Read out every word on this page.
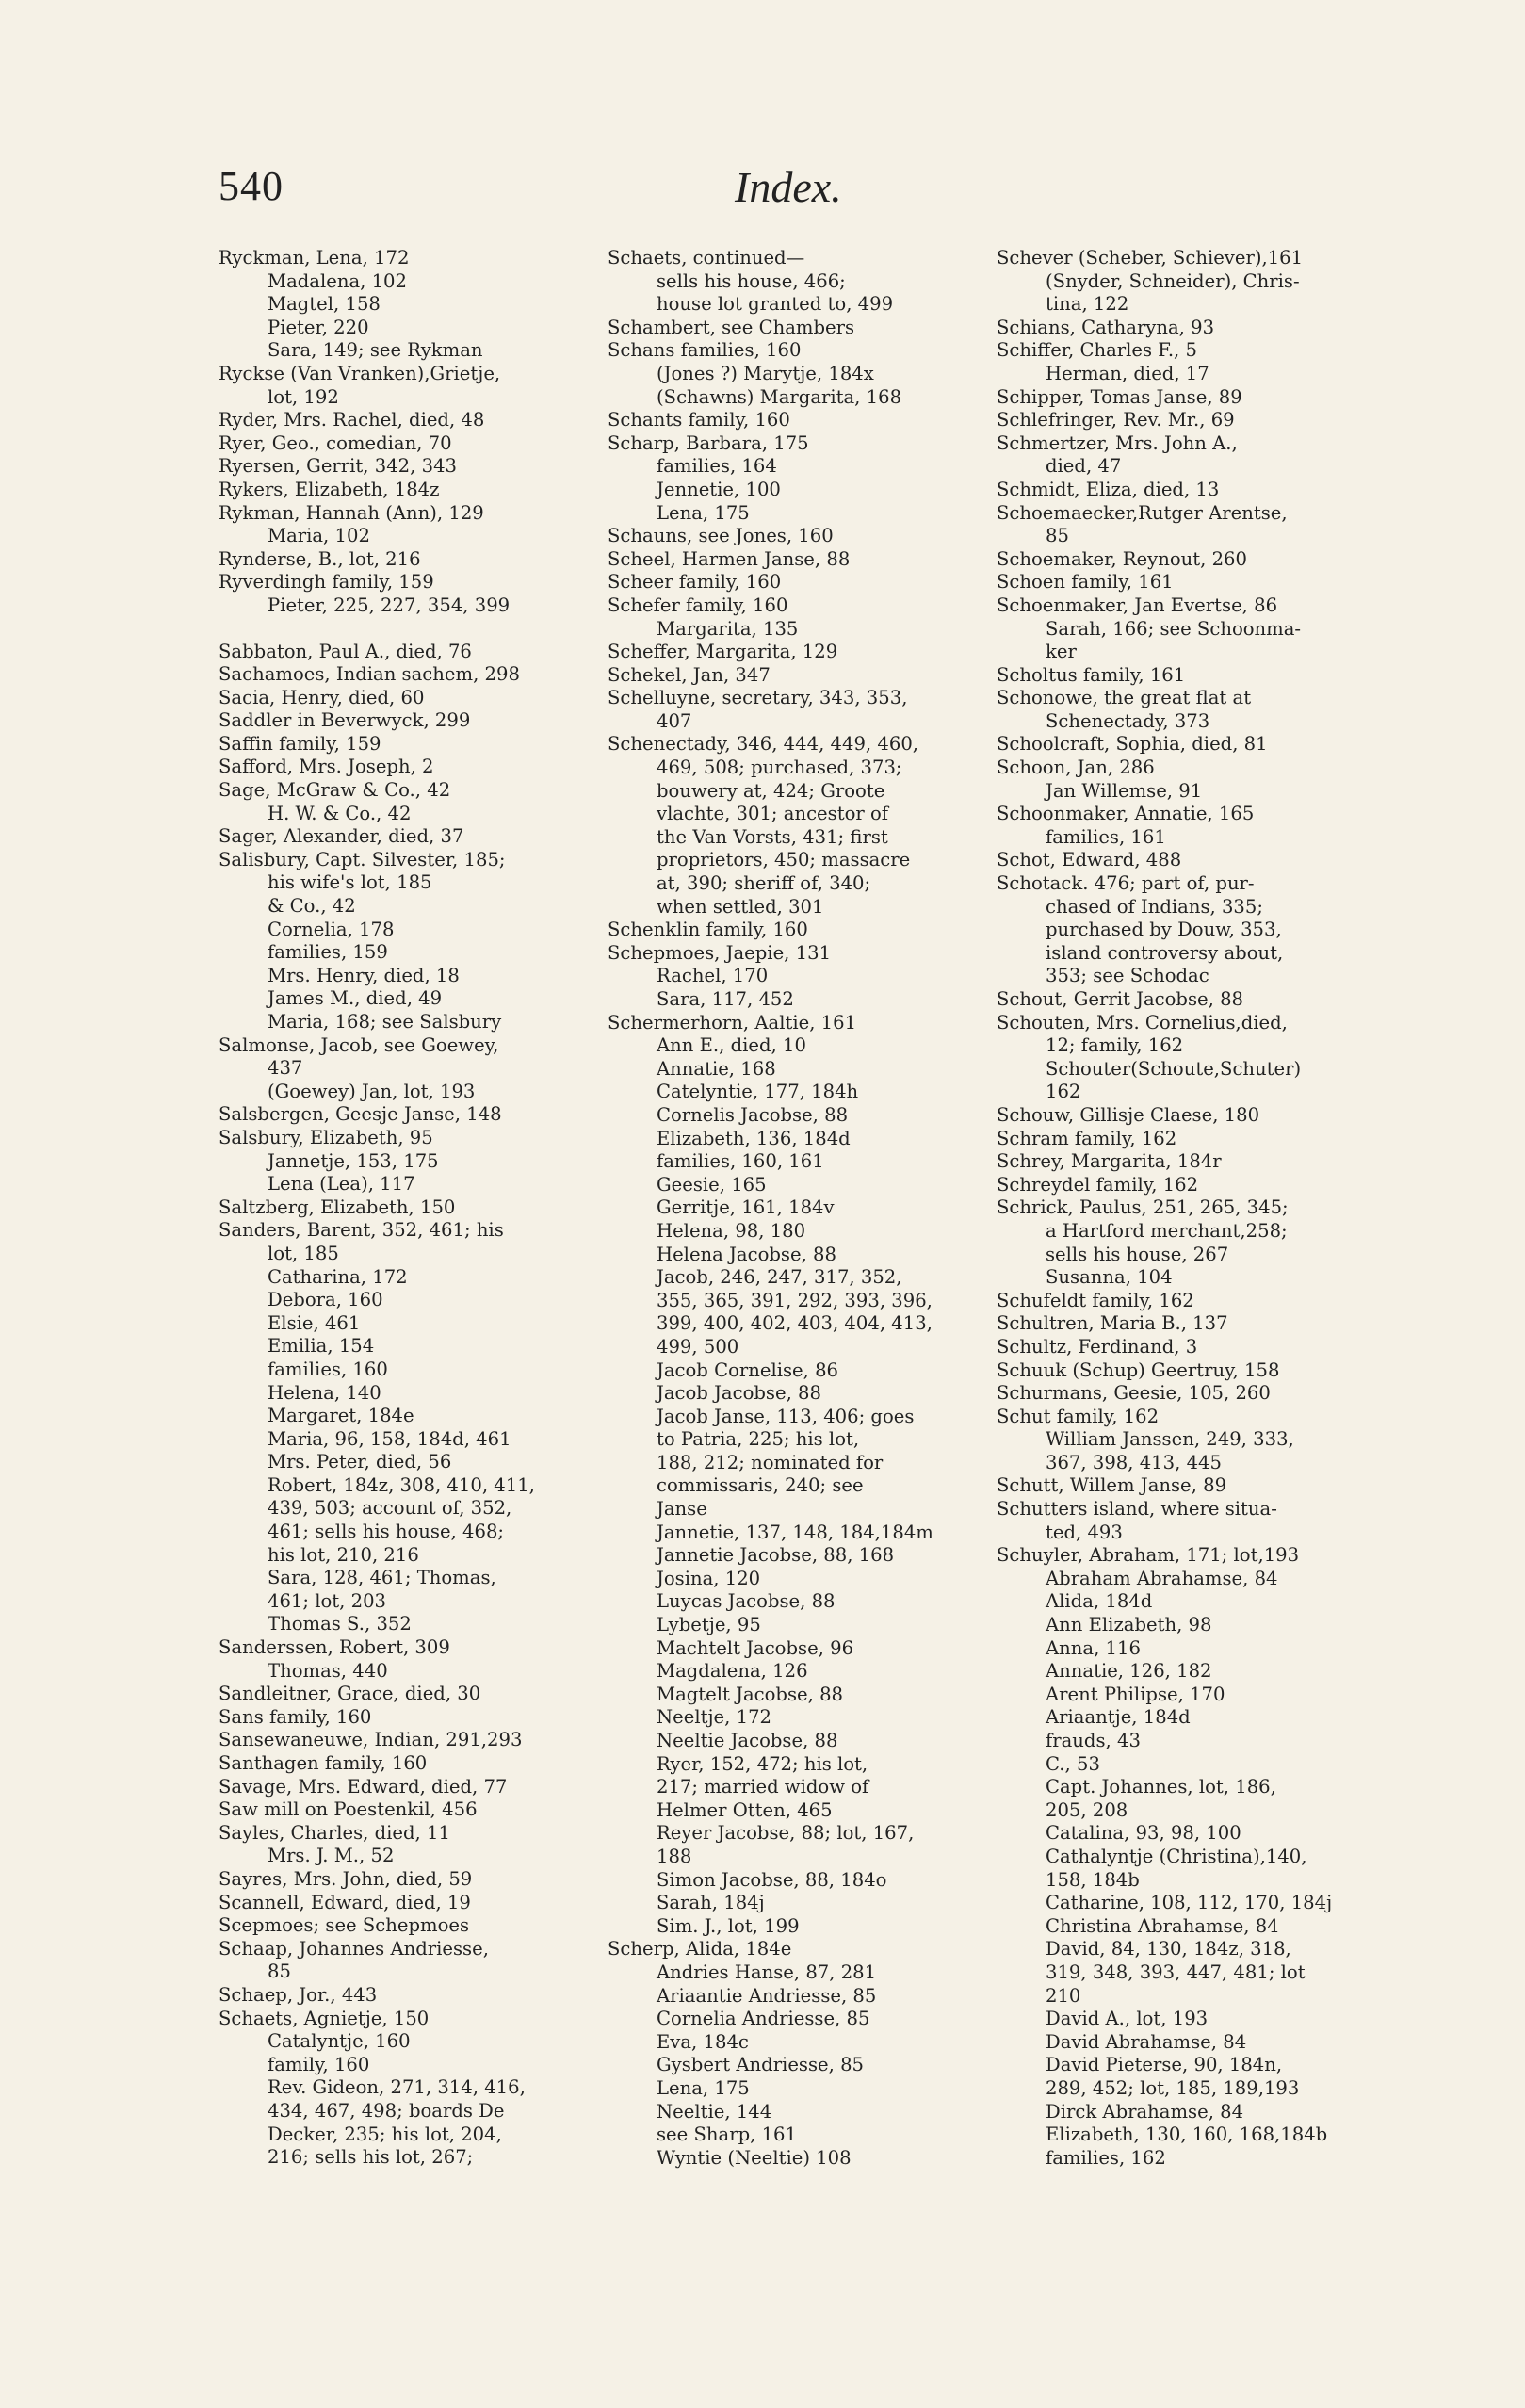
540	Index.
Ryckman, Lena, 172
Madalena, 102
Magtel, 158
Pieter, 220
Sara, 149; see Rykman
Ryckse (Van Vranken),Grietje,
lot, 192
Ryder, Mrs. Rachel, died, 48
Ryer, Geo., comedian, 70
Ryersen, Gerrit, 342, 343
Rykers, Elizabeth, 184z
Rykman, Hannah (Ann), 129
Maria, 102
Rynderse, B., lot, 216
Ryverdingh family, 159
Pieter, 225, 227, 354, 399
Sabbaton, Paul A., died, 76
Sachamoes, Indian sachem, 298
Sacia, Henry, died, 60
Saddler in Beverwyck, 299
Saffin family, 159
Safford, Mrs. Joseph, 2
Sage, McGraw & Co., 42
H. W. & Co., 42
Sager, Alexander, died, 37
Salisbury, Capt. Silvester, 185;
his wife's lot, 185
& Co., 42
Cornelia, 178
families, 159
Mrs. Henry, died, 18
James M., died, 49
Maria, 168; see Salsbury
Salmonse, Jacob, see Goewey,
437
(Goewey) Jan, lot, 193
Salsbergen, Geesje Janse, 148
Salsbury, Elizabeth, 95
Jannetje, 153, 175
Lena (Lea), 117
Saltzberg, Elizabeth, 150
Sanders, Barent, 352, 461; his
lot, 185
Catharina, 172
Debora, 160
Elsie, 461
Emilia, 154
families, 160
Helena, 140
Margaret, 184e
Maria, 96, 158, 184d, 461
Mrs. Peter, died, 56
Robert, 184z, 308, 410, 411,
439, 503; account of, 352,
461; sells his house, 468;
his lot, 210, 216
Sara, 128, 461; Thomas,
461; lot, 203
Thomas S., 352
Sanderssen, Robert, 309
Thomas, 440
Sandleitner, Grace, died, 30
Sans family, 160
Sansewaneuwe, Indian, 291,293
Santhagen family, 160
Savage, Mrs. Edward, died, 77
Saw mill on Poestenkil, 456
Sayles, Charles, died, 11
Mrs. J. M., 52
Sayres, Mrs. John, died, 59
Scannell, Edward, died, 19
Scepmoes; see Schepmoes
Schaap, Johannes Andriesse,
85
Schaep, Jor., 443
Schaets, Agnietje, 150
Catalyntje, 160
family, 160
Rev. Gideon, 271, 314, 416,
434, 467, 498; boards De
Decker, 235; his lot, 204,
216; sells his lot, 267;
Schaets, continued—
sells his house, 466;
house lot granted to, 499
Schambert, see Chambers
Schans families, 160
(Jones ?) Marytje, 184x
(Schawns) Margarita, 168
Schants family, 160
Scharp, Barbara, 175
families, 164
Jennetie, 100
Lena, 175
Schauns, see Jones, 160
Scheel, Harmen Janse, 88
Scheer family, 160
Schefer family, 160
Margarita, 135
Scheffer, Margarita, 129
Schekel, Jan, 347
Schelluyne, secretary, 343, 353,
407
Schenectady, 346, 444, 449, 460,
469, 508; purchased, 373;
bouwery at, 424; Groote
vlachte, 301; ancestor of
the Van Vorsts, 431; first
proprietors, 450; massacre
at, 390; sheriff of, 340;
when settled, 301
Schenklin family, 160
Schepmoes, Jaepie, 131
Rachel, 170
Sara, 117, 452
Schermerhorn, Aaltie, 161
Ann E., died, 10
Annatie, 168
Catelyntie, 177, 184h
Cornelis Jacobse, 88
Elizabeth, 136, 184d
families, 160, 161
Geesie, 165
Gerritje, 161, 184v
Helena, 98, 180
Helena Jacobse, 88
Jacob, 246, 247, 317, 352,
355, 365, 391, 292, 393, 396,
399, 400, 402, 403, 404, 413,
499, 500
Jacob Cornelise, 86
Jacob Jacobse, 88
Jacob Janse, 113, 406; goes
to Patria, 225; his lot,
188, 212; nominated for
commissaris, 240; see
Janse
Jannetie, 137, 148, 184,184m
Jannetie Jacobse, 88, 168
Josina, 120
Luycas Jacobse, 88
Lybetje, 95
Machtelt Jacobse, 96
Magdalena, 126
Magtelt Jacobse, 88
Neeltje, 172
Neeltie Jacobse, 88
Ryer, 152, 472; his lot,
217; married widow of
Helmer Otten, 465
Reyer Jacobse, 88; lot, 167,
188
Simon Jacobse, 88, 184o
Sarah, 184j
Sim. J., lot, 199
Scherp, Alida, 184e
Andries Hanse, 87, 281
Ariaantie Andriesse, 85
Cornelia Andriesse, 85
Eva, 184c
Gysbert Andriesse, 85
Lena, 175
Neeltie, 144
see Sharp, 161
Wyntie (Neeltie) 108
Schever (Scheber, Schiever),161
(Snyder, Schneider), Chris-
tina, 122
Schians, Catharyna, 93
Schiffer, Charles F., 5
Herman, died, 17
Schipper, Tomas Janse, 89
Schlefringer, Rev. Mr., 69
Schmertzer, Mrs. John A.,
died, 47
Schmidt, Eliza, died, 13
Schoemaecker,Rutger Arentse,
85
Schoemaker, Reynout, 260
Schoen family, 161
Schoenmaker, Jan Evertse, 86
Sarah, 166; see Schoonma-
ker
Scholtus family, 161
Schonowe, the great flat at
Schenectady, 373
Schoolcraft, Sophia, died, 81
Schoon, Jan, 286
Jan Willemse, 91
Schoonmaker, Annatie, 165
families, 161
Schot, Edward, 488
Schotack. 476; part of, pur-
chased of Indians, 335;
purchased by Douw, 353,
island controversy about,
353; see Schodac
Schout, Gerrit Jacobse, 88
Schouten, Mrs. Cornelius,died,
12; family, 162
Schouter(Schoute,Schuter)
162
Schouw, Gillisje Claese, 180
Schram family, 162
Schrey, Margarita, 184r
Schreydel family, 162
Schrick, Paulus, 251, 265, 345;
a Hartford merchant,258;
sells his house, 267
Susanna, 104
Schufeldt family, 162
Schultren, Maria B., 137
Schultz, Ferdinand, 3
Schuuk (Schup) Geertruy, 158
Schurmans, Geesie, 105, 260
Schut family, 162
William Janssen, 249, 333,
367, 398, 413, 445
Schutt, Willem Janse, 89
Schutters island, where situa-
ted, 493
Schuyler, Abraham, 171; lot,193
Abraham Abrahamse, 84
Alida, 184d
Ann Elizabeth, 98
Anna, 116
Annatie, 126, 182
Arent Philipse, 170
Ariaantje, 184d
frauds, 43
C., 53
Capt. Johannes, lot, 186,
205, 208
Catalina, 93, 98, 100
Cathalyntje (Christina),140,
158, 184b
Catharine, 108, 112, 170, 184j
Christina Abrahamse, 84
David, 84, 130, 184z, 318,
319, 348, 393, 447, 481; lot
210
David A., lot, 193
David Abrahamse, 84
David Pieterse, 90, 184n,
289, 452; lot, 185, 189,193
Dirck Abrahamse, 84
Elizabeth, 130, 160, 168,184b
families, 162
